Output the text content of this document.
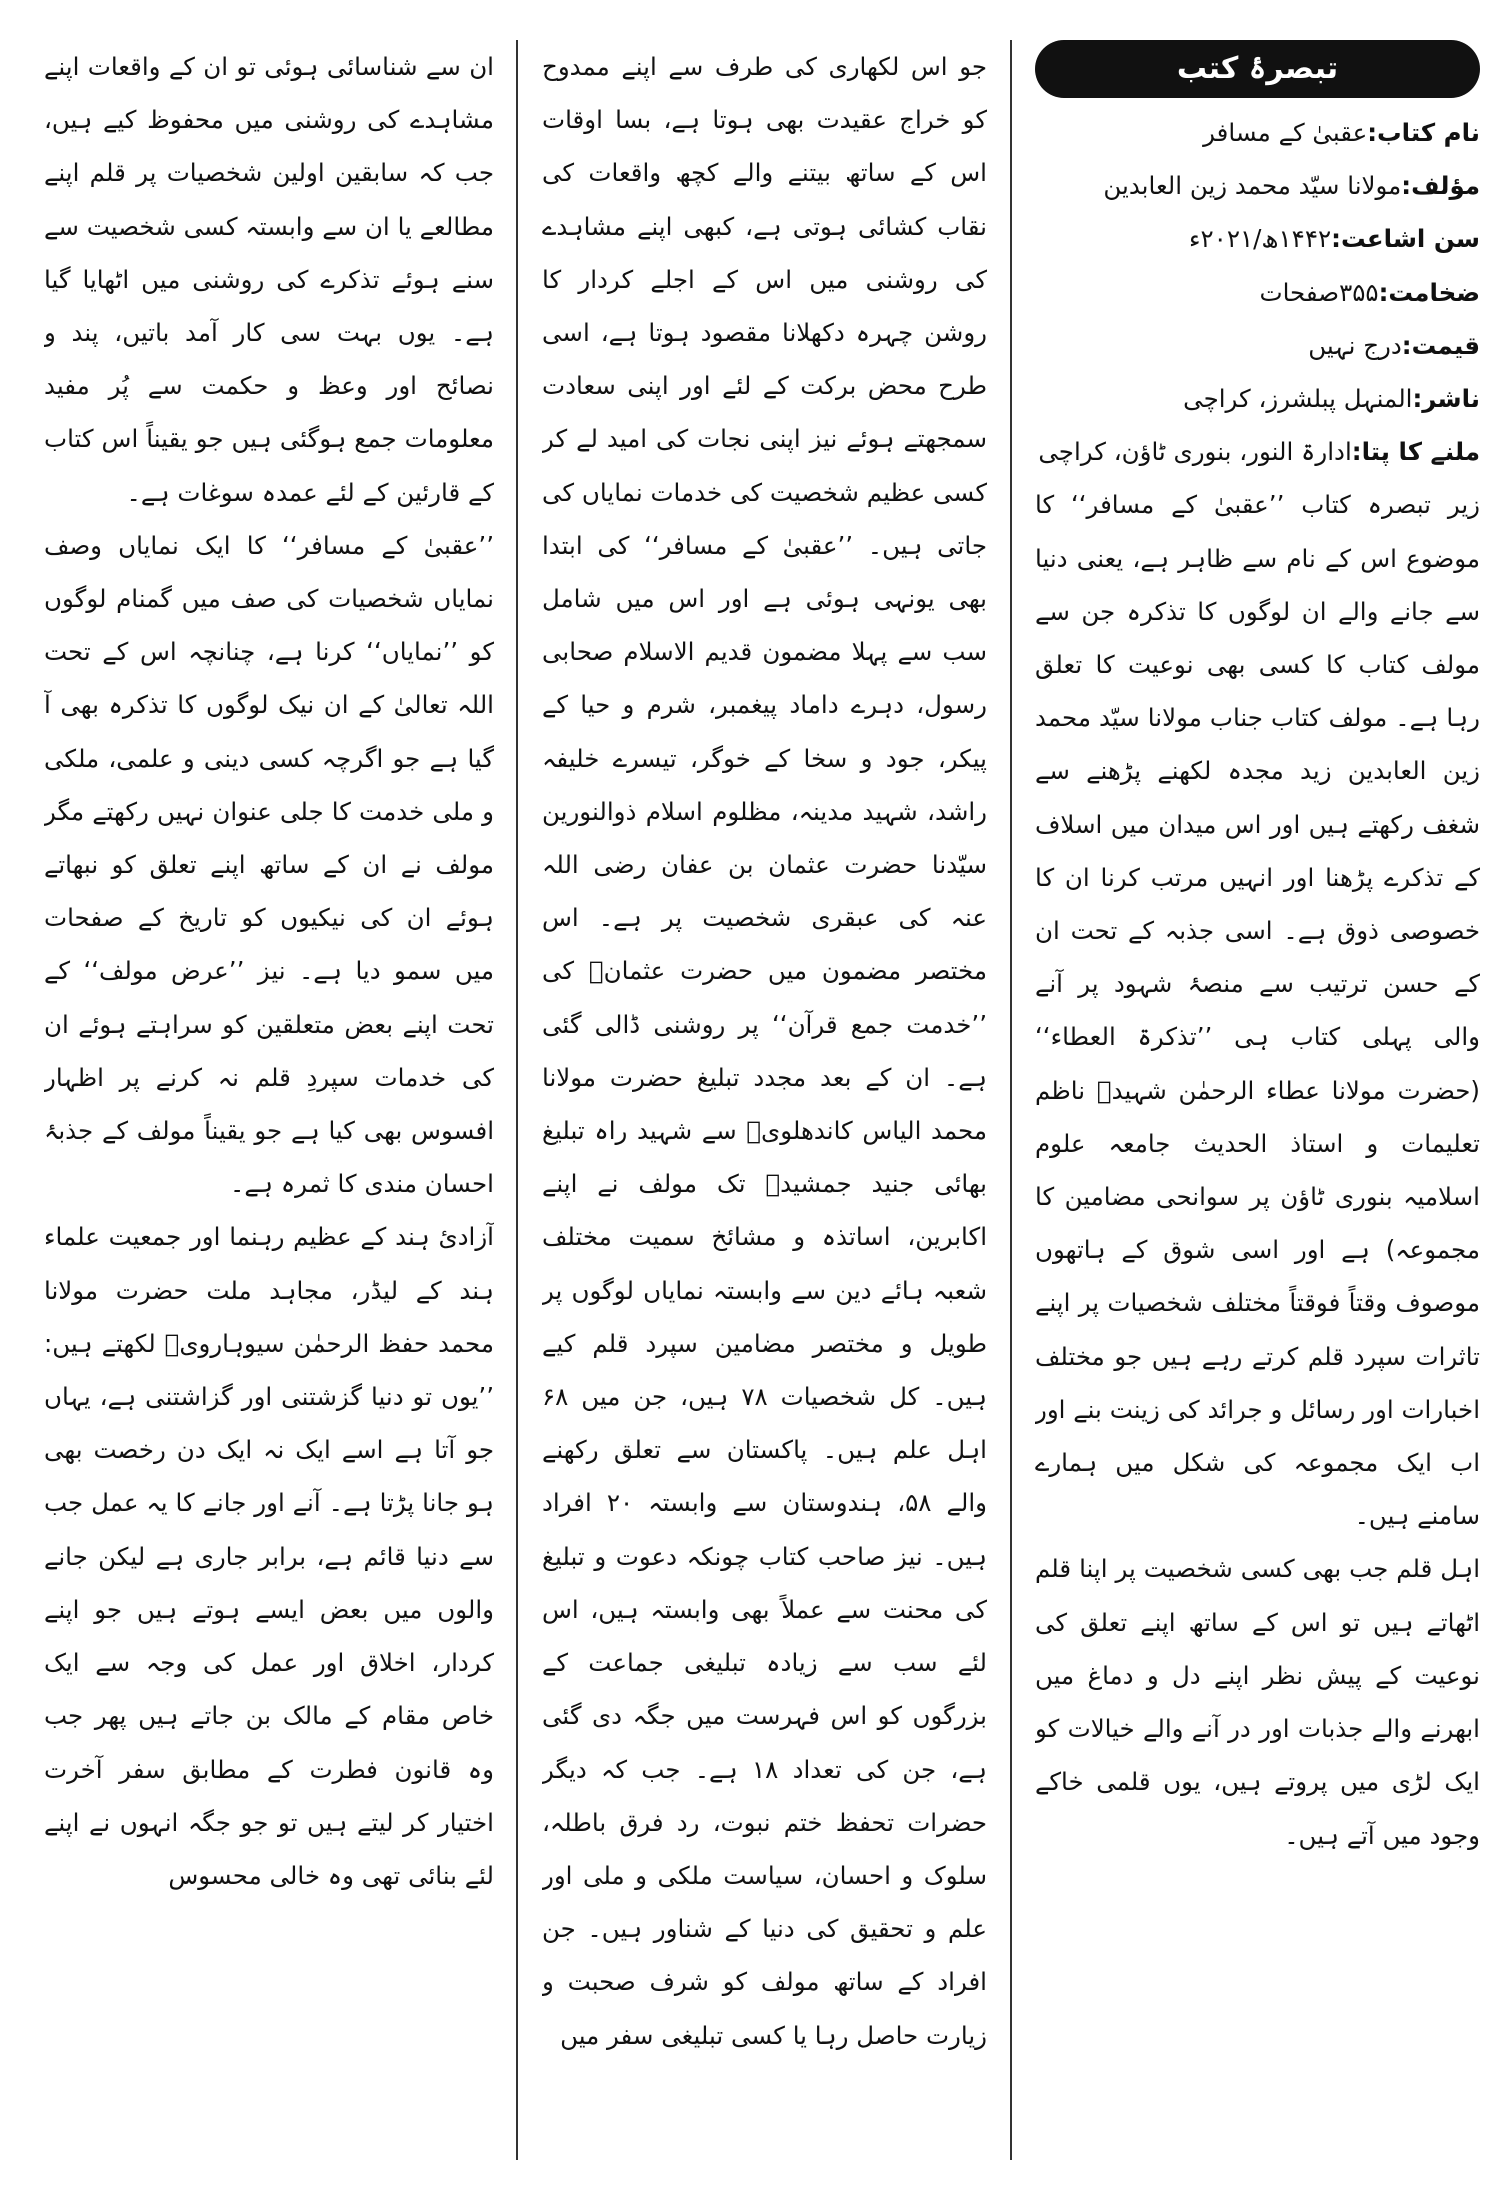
تبصرۂ کتب

نام کتاب:عقبیٰ کے مسافر

مؤلف:مولانا سیّد محمد زین العابدین

سن اشاعت:۱۴۴۲ھ/۲۰۲۱ء

ضخامت:۳۵۵صفحات

قیمت:درج نہیں

ناشر:المنہل پبلشرز، کراچی

ملنے کا پتا:ادارۃ النور، بنوری ٹاؤن، کراچی

زیر تبصرہ کتاب ’’عقبیٰ کے مسافر‘‘ کا موضوع اس کے نام سے ظاہر ہے، یعنی دنیا سے جانے والے ان لوگوں کا تذکرہ جن سے مولف کتاب کا کسی بھی نوعیت کا تعلق رہا ہے۔ مولف کتاب جناب مولانا سیّد محمد زین العابدین زید مجدہ لکھنے پڑھنے سے شغف رکھتے ہیں اور اس میدان میں اسلاف کے تذکرے پڑھنا اور انہیں مرتب کرنا ان کا خصوصی ذوق ہے۔ اسی جذبہ کے تحت ان کے حسن ترتیب سے منصۂ شہود پر آنے والی پہلی کتاب ہی ’’تذکرۃ العطاء‘‘ (حضرت مولانا عطاء الرحمٰن شہیدؒ ناظم تعلیمات و استاذ الحدیث جامعہ علوم اسلامیہ بنوری ٹاؤن پر سوانحی مضامین کا مجموعہ) ہے اور اسی شوق کے ہاتھوں موصوف وقتاً فوقتاً مختلف شخصیات پر اپنے تاثرات سپرد قلم کرتے رہے ہیں جو مختلف اخبارات اور رسائل و جرائد کی زینت بنے اور اب ایک مجموعہ کی شکل میں ہمارے سامنے ہیں۔

اہل قلم جب بھی کسی شخصیت پر اپنا قلم اٹھاتے ہیں تو اس کے ساتھ اپنے تعلق کی نوعیت کے پیش نظر اپنے دل و دماغ میں ابھرنے والے جذبات اور در آنے والے خیالات کو ایک لڑی میں پروتے ہیں، یوں قلمی خاکے وجود میں آتے ہیں۔

جو اس لکھاری کی طرف سے اپنے ممدوح کو خراج عقیدت بھی ہوتا ہے، بسا اوقات اس کے ساتھ بیتنے والے کچھ واقعات کی نقاب کشائی ہوتی ہے، کبھی اپنے مشاہدے کی روشنی میں اس کے اجلے کردار کا روشن چہرہ دکھلانا مقصود ہوتا ہے، اسی طرح محض برکت کے لئے اور اپنی سعادت سمجھتے ہوئے نیز اپنی نجات کی امید لے کر کسی عظیم شخصیت کی خدمات نمایاں کی جاتی ہیں۔ ’’عقبیٰ کے مسافر‘‘ کی ابتدا بھی یونہی ہوئی ہے اور اس میں شامل سب سے پہلا مضمون قدیم الاسلام صحابی رسول، دہرے داماد پیغمبر، شرم و حیا کے پیکر، جود و سخا کے خوگر، تیسرے خلیفہ راشد، شہید مدینہ، مظلوم اسلام ذوالنورین سیّدنا حضرت عثمان بن عفان رضی اللہ عنہ کی عبقری شخصیت پر ہے۔ اس مختصر مضمون میں حضرت عثمانؓ کی ’’خدمت جمع قرآن‘‘ پر روشنی ڈالی گئی ہے۔ ان کے بعد مجدد تبلیغ حضرت مولانا محمد الیاس کاندھلویؒ سے شہید راہ تبلیغ بھائی جنید جمشیدؒ تک مولف نے اپنے اکابرین، اساتذہ و مشائخ سمیت مختلف شعبہ ہائے دین سے وابستہ نمایاں لوگوں پر طویل و مختصر مضامین سپرد قلم کیے ہیں۔ کل شخصیات ۷۸ ہیں، جن میں ۶۸ اہل علم ہیں۔ پاکستان سے تعلق رکھنے والے ۵۸، ہندوستان سے وابستہ ۲۰ افراد ہیں۔ نیز صاحب کتاب چونکہ دعوت و تبلیغ کی محنت سے عملاً بھی وابستہ ہیں، اس لئے سب سے زیادہ تبلیغی جماعت کے بزرگوں کو اس فہرست میں جگہ دی گئی ہے، جن کی تعداد ۱۸ ہے۔ جب کہ دیگر حضرات تحفظ ختم نبوت، رد فرق باطلہ، سلوک و احسان، سیاست ملکی و ملی اور علم و تحقیق کی دنیا کے شناور ہیں۔ جن افراد کے ساتھ مولف کو شرف صحبت و زیارت حاصل رہا یا کسی تبلیغی سفر میں

ان سے شناسائی ہوئی تو ان کے واقعات اپنے مشاہدے کی روشنی میں محفوظ کیے ہیں، جب کہ سابقین اولین شخصیات پر قلم اپنے مطالعے یا ان سے وابستہ کسی شخصیت سے سنے ہوئے تذکرے کی روشنی میں اٹھایا گیا ہے۔ یوں بہت سی کار آمد باتیں، پند و نصائح اور وعظ و حکمت سے پُر مفید معلومات جمع ہوگئی ہیں جو یقیناً اس کتاب کے قارئین کے لئے عمدہ سوغات ہے۔

’’عقبیٰ کے مسافر‘‘ کا ایک نمایاں وصف نمایاں شخصیات کی صف میں گمنام لوگوں کو ’’نمایاں‘‘ کرنا ہے، چنانچہ اس کے تحت اللہ تعالیٰ کے ان نیک لوگوں کا تذکرہ بھی آ گیا ہے جو اگرچہ کسی دینی و علمی، ملکی و ملی خدمت کا جلی عنوان نہیں رکھتے مگر مولف نے ان کے ساتھ اپنے تعلق کو نبھاتے ہوئے ان کی نیکیوں کو تاریخ کے صفحات میں سمو دیا ہے۔ نیز ’’عرض مولف‘‘ کے تحت اپنے بعض متعلقین کو سراہتے ہوئے ان کی خدمات سپردِ قلم نہ کرنے پر اظہار افسوس بھی کیا ہے جو یقیناً مولف کے جذبۂ احسان مندی کا ثمرہ ہے۔

آزادیٔ ہند کے عظیم رہنما اور جمعیت علماء ہند کے لیڈر، مجاہد ملت حضرت مولانا محمد حفظ الرحمٰن سیوہارویؒ لکھتے ہیں: ’’یوں تو دنیا گزشتنی اور گزاشتنی ہے، یہاں جو آتا ہے اسے ایک نہ ایک دن رخصت بھی ہو جانا پڑتا ہے۔ آنے اور جانے کا یہ عمل جب سے دنیا قائم ہے، برابر جاری ہے لیکن جانے والوں میں بعض ایسے ہوتے ہیں جو اپنے کردار، اخلاق اور عمل کی وجہ سے ایک خاص مقام کے مالک بن جاتے ہیں پھر جب وہ قانون فطرت کے مطابق سفر آخرت اختیار کر لیتے ہیں تو جو جگہ انہوں نے اپنے لئے بنائی تھی وہ خالی محسوس
